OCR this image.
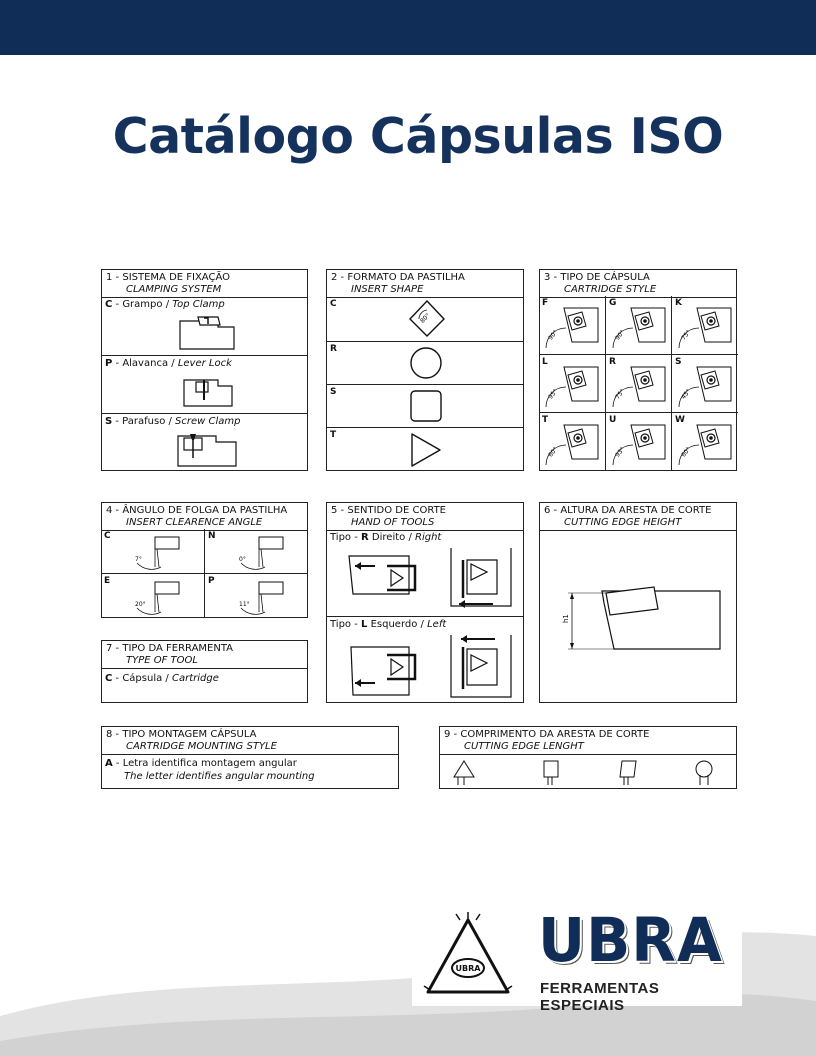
Catálogo Cápsulas ISO
1 - SISTEMA DE FIXAÇÃO
CLAMPING SYSTEM
C - Grampo / Top Clamp
P - Alavanca / Lever Lock
S - Parafuso / Screw Clamp
2 - FORMATO DA PASTILHA
INSERT SHAPE
C
80°
R
S
T
3 - TIPO DE CÁPSULA
CARTRIDGE STYLE
F
90°
G
90°
K
75°
L
95°
R
75°
S
45°
T
60°
U
93°
W
60°
4 - ÂNGULO DE FOLGA DA PASTILHA
INSERT CLEARENCE ANGLE
C
7°
N
0°
E
20°
P
11°
5 - SENTIDO DE CORTE
HAND OF TOOLS
Tipo - R Direito / Right
Tipo - L Esquerdo / Left
6 - ALTURA DA ARESTA DE CORTE
CUTTING EDGE HEIGHT
h1
7 - TIPO DA FERRAMENTA
TYPE OF TOOL
C - Cápsula / Cartridge
8 - TIPO MONTAGEM CÁPSULA
CARTRIDGE MOUNTING STYLE
A - Letra identifica montagem angular
The letter identifies angular mounting
9 - COMPRIMENTO DA ARESTA DE CORTE
CUTTING EDGE LENGHT
UBRA UBRA
FERRAMENTAS ESPECIAIS
